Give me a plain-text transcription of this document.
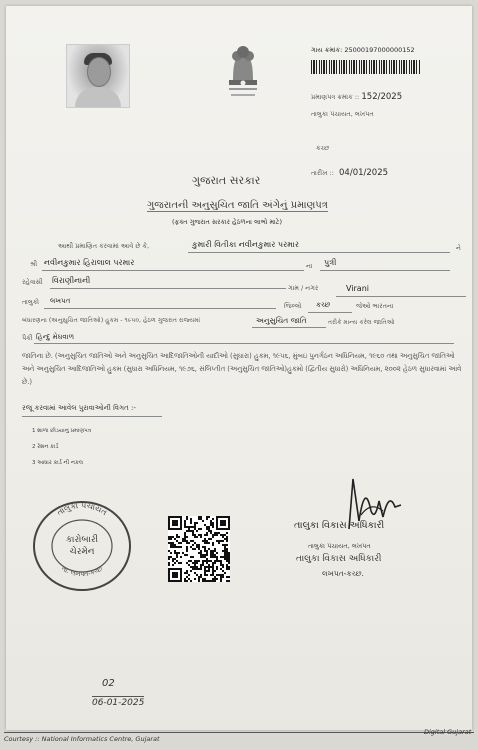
ગાય ક્રમાંક: 25000197000000152
પ્રમાણપત્ર ક્રમાંક :: 152/2025
તાલુકા પંચાયત, લખપત
કચ્છ
તારીખ :: 04/01/2025
ગુજરાત સરકાર
ગુજરાતની અનુસુચિત જાતિ અંગેનું પ્રમાણપત્ર
(ફક્ત ગુજરાત સરકાર હેઠળના લાભો માટે)
આથી પ્રમાણિત કરવામાં આવે છે કે,	કુમારી વિતીકા નવીનકુમાર પરમાર	ને
શ્રી નવીનકુમાર હિરાલાલ પરમાર	ના પુત્રી
રહેવાસી વિરાણીનાની
ગામ / નગર	Virani
તાલુકો લખપત
જિલ્લો કચ્છ	જેઓ ભારતના
બંધારણના (અનુસુચિત જાતિઓ) હુકમ - ૧૯૫૦, હેઠળ ગુજરાત રાજ્યમાં	અનુસુચિત જાતિ	તરીકે માન્ય કરેલ જાતિઓ
પૈકી હિન્દુ મેઘવાળ
જાતિના છે. (અનુસુચિત જાતિઓ અને અનુસુચિત આદિજાતિઓની યાદીઓ (સુધારા) હુકમ, ૧૯૫૬, મુંબઇ પુનર્ગઠન અધિનિયમ, ૧૯૬૦ તથા અનુસુચિત જાતિઓ અને અનુસુચિત આદિજાતિઓ હુકમ (સુધારા અધિનિયમ, ૧૯૭૬, સંલિપ્તીત (અનુસુચિત જાતિઓ)હુકમો (દ્વિતીય સુધારો) અધિનિયમ, ૨૦૦૨ હેઠળ સુધારવામાં આવે છે.)
રજૂ કરવામાં આવેલ પુરાવાઓની વિગત :-
1 શાળા છોડયાનુ પ્રમાણપત્ર
2 રેશન કાર્ડ
3 આધાર કાર્ડ ની નકલ
તાલુકા પંચાયત
તા. લખપત-કચ્છ
કારોબારી
ચેરમેન
તાલુકા વિકાસ અધિકારી
તાલુકા પંચાયત, લખપત
તાલુકા વિકાસ અધિકારી
લખપત-કચ્છ.
02
06-01-2025
Courtesy :: National Informatics Centre, Gujarat
Digital Gujarat
